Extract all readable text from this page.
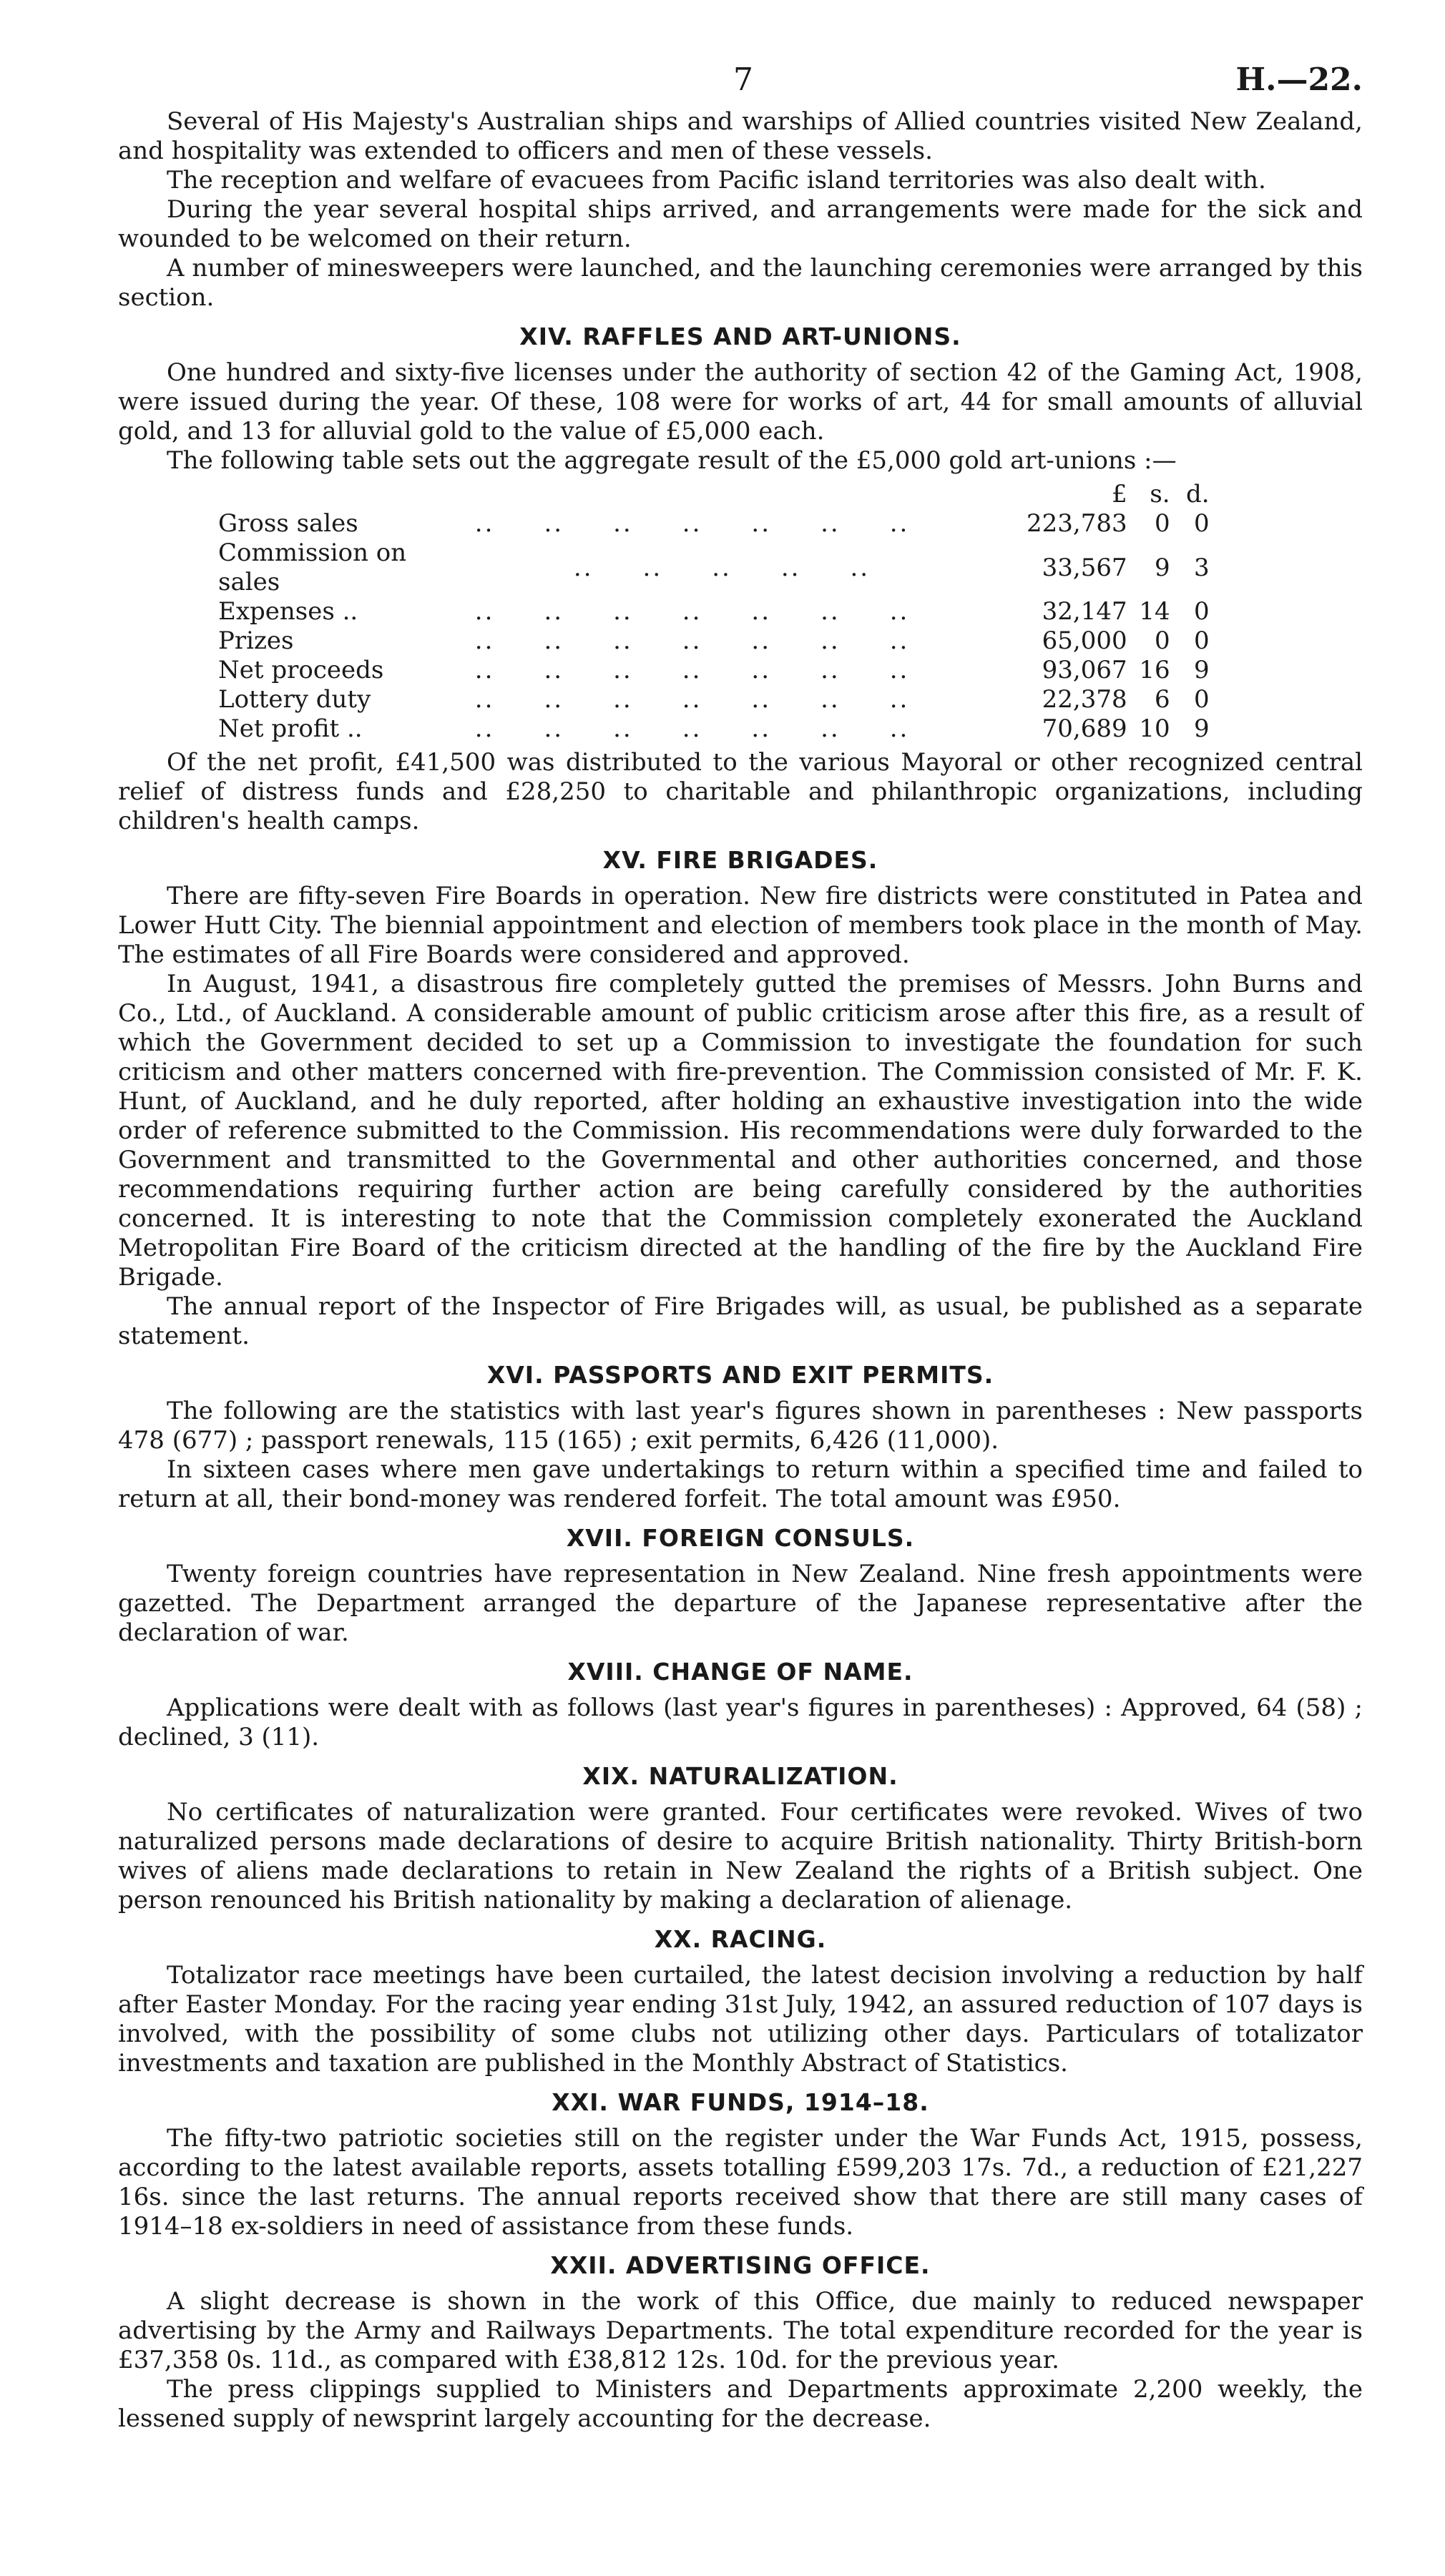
7	H.—22.

Several of His Majesty's Australian ships and warships of Allied countries visited New Zealand, and hospitality was extended to officers and men of these vessels.

The reception and welfare of evacuees from Pacific island territories was also dealt with.

During the year several hospital ships arrived, and arrangements were made for the sick and wounded to be welcomed on their return.

A number of minesweepers were launched, and the launching ceremonies were arranged by this section.

XIV. RAFFLES AND ART-UNIONS.

One hundred and sixty-five licenses under the authority of section 42 of the Gaming Act, 1908, were issued during the year. Of these, 108 were for works of art, 44 for small amounts of alluvial gold, and 13 for alluvial gold to the value of £5,000 each.

The following table sets out the aggregate result of the £5,000 gold art-unions :—

		£	s.	d.
Gross sales	..     ..     ..     ..     ..     ..     ..	223,783	0	0
Commission on sales	..     ..     ..     ..     ..	33,567	9	3
Expenses ..	..     ..     ..     ..     ..     ..     ..	32,147	14	0
Prizes	..     ..     ..     ..     ..     ..     ..	65,000	0	0
Net proceeds	..     ..     ..     ..     ..     ..     ..	93,067	16	9
Lottery duty	..     ..     ..     ..     ..     ..     ..	22,378	6	0
Net profit ..	..     ..     ..     ..     ..     ..     ..	70,689	10	9

Of the net profit, £41,500 was distributed to the various Mayoral or other recognized central relief of distress funds and £28,250 to charitable and philanthropic organizations, including children's health camps.

XV. FIRE BRIGADES.

There are fifty-seven Fire Boards in operation. New fire districts were constituted in Patea and Lower Hutt City. The biennial appointment and election of members took place in the month of May. The estimates of all Fire Boards were considered and approved.

In August, 1941, a disastrous fire completely gutted the premises of Messrs. John Burns and Co., Ltd., of Auckland. A considerable amount of public criticism arose after this fire, as a result of which the Government decided to set up a Commission to investigate the foundation for such criticism and other matters concerned with fire-prevention. The Commission consisted of Mr. F. K. Hunt, of Auckland, and he duly reported, after holding an exhaustive investigation into the wide order of reference submitted to the Commission. His recommendations were duly forwarded to the Government and transmitted to the Governmental and other authorities concerned, and those recommendations requiring further action are being carefully considered by the authorities concerned. It is interesting to note that the Commission completely exonerated the Auckland Metropolitan Fire Board of the criticism directed at the handling of the fire by the Auckland Fire Brigade.

The annual report of the Inspector of Fire Brigades will, as usual, be published as a separate statement.

XVI. PASSPORTS AND EXIT PERMITS.

The following are the statistics with last year's figures shown in parentheses : New passports 478 (677) ; passport renewals, 115 (165) ; exit permits, 6,426 (11,000).

In sixteen cases where men gave undertakings to return within a specified time and failed to return at all, their bond-money was rendered forfeit. The total amount was £950.

XVII. FOREIGN CONSULS.

Twenty foreign countries have representation in New Zealand. Nine fresh appointments were gazetted. The Department arranged the departure of the Japanese representative after the declaration of war.

XVIII. CHANGE OF NAME.

Applications were dealt with as follows (last year's figures in parentheses) : Approved, 64 (58) ; declined, 3 (11).

XIX. NATURALIZATION.

No certificates of naturalization were granted. Four certificates were revoked. Wives of two naturalized persons made declarations of desire to acquire British nationality. Thirty British-born wives of aliens made declarations to retain in New Zealand the rights of a British subject. One person renounced his British nationality by making a declaration of alienage.

XX. RACING.

Totalizator race meetings have been curtailed, the latest decision involving a reduction by half after Easter Monday. For the racing year ending 31st July, 1942, an assured reduction of 107 days is involved, with the possibility of some clubs not utilizing other days. Particulars of totalizator investments and taxation are published in the Monthly Abstract of Statistics.

XXI. WAR FUNDS, 1914–18.

The fifty-two patriotic societies still on the register under the War Funds Act, 1915, possess, according to the latest available reports, assets totalling £599,203 17s. 7d., a reduction of £21,227 16s. since the last returns. The annual reports received show that there are still many cases of 1914–18 ex-soldiers in need of assistance from these funds.

XXII. ADVERTISING OFFICE.

A slight decrease is shown in the work of this Office, due mainly to reduced newspaper advertising by the Army and Railways Departments. The total expenditure recorded for the year is £37,358 0s. 11d., as compared with £38,812 12s. 10d. for the previous year.

The press clippings supplied to Ministers and Departments approximate 2,200 weekly, the lessened supply of newsprint largely accounting for the decrease.
